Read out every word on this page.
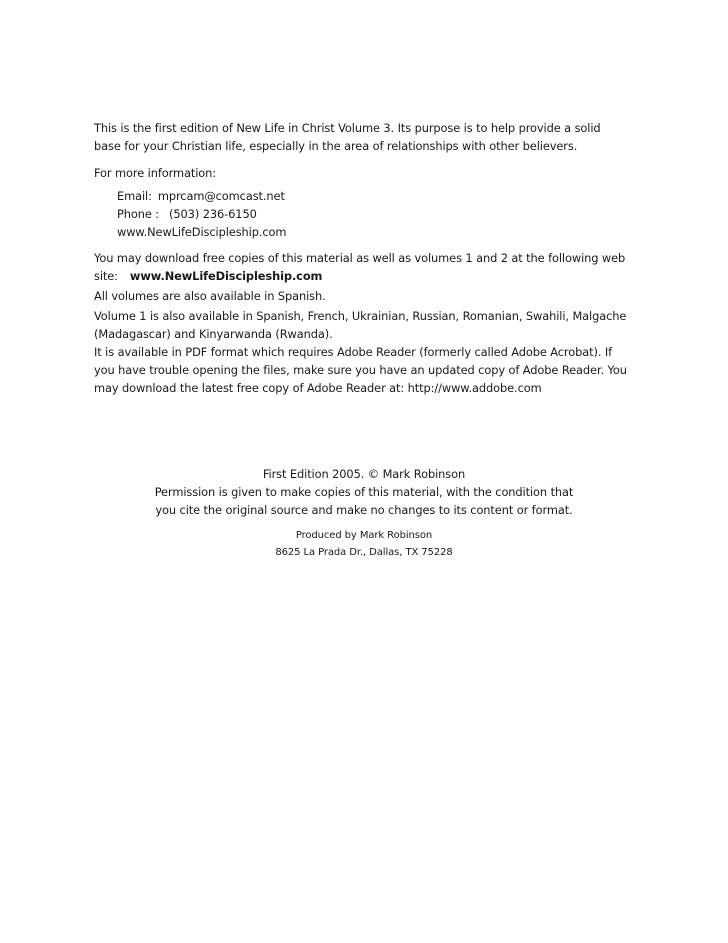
This is the first edition of New Life in Christ Volume 3. Its purpose is to help provide a solid
base for your Christian life, especially in the area of relationships with other believers.
For more information:
Email: mprcam@comcast.net
Phone : (503) 236-6150
www.NewLifeDiscipleship.com
You may download free copies of this material as well as volumes 1 and 2 at the following web
site: www.NewLifeDiscipleship.com
All volumes are also available in Spanish.
Volume 1 is also available in Spanish, French, Ukrainian, Russian, Romanian, Swahili, Malgache
(Madagascar) and Kinyarwanda (Rwanda).
It is available in PDF format which requires Adobe Reader (formerly called Adobe Acrobat). If
you have trouble opening the files, make sure you have an updated copy of Adobe Reader. You
may download the latest free copy of Adobe Reader at: http://www.addobe.com
First Edition 2005. © Mark Robinson
Permission is given to make copies of this material, with the condition that
you cite the original source and make no changes to its content or format.
Produced by Mark Robinson
8625 La Prada Dr., Dallas, TX 75228
